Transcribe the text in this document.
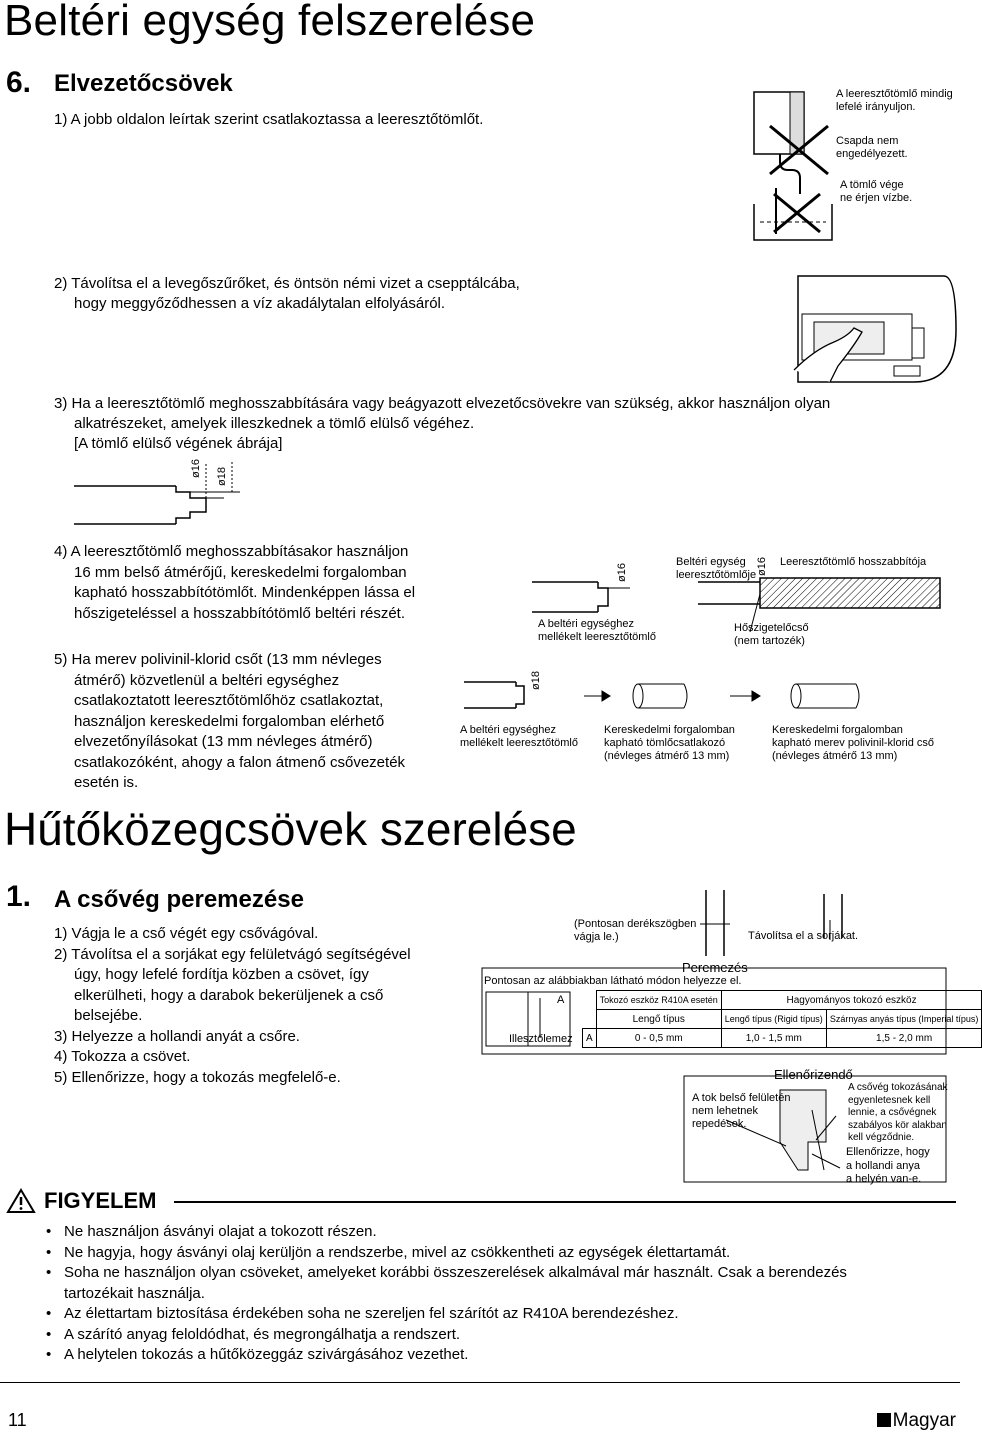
Beltéri egység felszerelése
6. Elvezetőcsövek
1) A jobb oldalon leírtak szerint csatlakoztassa a leeresztőtömlőt.
2) Távolítsa el a levegőszűrőket, és öntsön némi vizet a csepptálcába,
hogy meggyőződhessen a víz akadálytalan elfolyásáról.
3) Ha a leeresztőtömlő meghosszabbítására vagy beágyazott elvezetőcsövekre van szükség, akkor használjon olyan
alkatrészeket, amelyek illeszkednek a tömlő elülső végéhez.
[A tömlő elülső végének ábrája]
A leeresztőtömlő mindig
lefelé irányuljon.
Csapda nem
engedélyezett.
A tömlő vége
ne érjen vízbe.
ø16 ø18
4) A leeresztőtömlő meghosszabbításakor használjon
16 mm belső átmérőjű, kereskedelmi forgalomban
kapható hosszabbítótömlőt. Mindenképpen lássa el
hőszigeteléssel a hosszabbítótömlő beltéri részét.
5) Ha merev polivinil-klorid csőt (13 mm névleges
átmérő) közvetlenül a beltéri egységhez
csatlakoztatott leeresztőtömlőhöz csatlakoztat,
használjon kereskedelmi forgalomban elérhető
elvezetőnyílásokat (13 mm névleges átmérő)
csatlakozóként, ahogy a falon átmenő csővezeték
esetén is.
ø16
A beltéri egységhez
mellékelt leeresztőtömlő
Beltéri egység
leeresztőtömlője ø16 Leeresztőtömlő hosszabbítója
Hőszigetelőcső
(nem tartozék)
ø18
A beltéri egységhez
mellékelt leeresztőtömlő
Kereskedelmi forgalomban
kapható tömlőcsatlakozó
(névleges átmérő 13 mm)
Kereskedelmi forgalomban
kapható merev polivinil-klorid cső
(névleges átmérő 13 mm)
Hűtőközegcsövek szerelése
1. A csővég peremezése
1) Vágja le a cső végét egy csővágóval.
2) Távolítsa el a sorjákat egy felületvágó segítségével
úgy, hogy lefelé fordítja közben a csövet, így
elkerülheti, hogy a darabok bekerüljenek a cső
belsejébe.
3) Helyezze a hollandi anyát a csőre.
4) Tokozza a csövet.
5) Ellenőrizze, hogy a tokozás megfelelő-e.
(Pontosan derékszögben
vágja le.)	Távolítsa el a sorjákat.
Peremezés
Pontosan az alábbiakban látható módon helyezze el.
A
Illesztőlemez
	Tokozó eszköz R410A esetén	Hagyományos tokozó eszköz	
	Lengő típus	Lengő típus (Rigid típus)	Szárnyas anyás típus (Imperial típus)
A	0 - 0,5 mm	1,0 - 1,5 mm	1,5 - 2,0 mm
Ellenőrizendő
A tok belső felületén
nem lehetnek
repedések.
A csővég tokozásának
egyenletesnek kell
lennie, a csővégnek
szabályos kör alakban
kell végződnie.
Ellenőrizze, hogy
a hollandi anya
a helyén van-e.
FIGYELEM
• Ne használjon ásványi olajat a tokozott részen.
• Ne hagyja, hogy ásványi olaj kerüljön a rendszerbe, mivel az csökkentheti az egységek élettartamát.
• Soha ne használjon olyan csöveket, amelyeket korábbi összeszerelések alkalmával már használt. Csak a berendezés
tartozékait használja.
• Az élettartam biztosítása érdekében soha ne szereljen fel szárítót az R410A berendezéshez.
• A szárító anyag feloldódhat, és megrongálhatja a rendszert.
• A helytelen tokozás a hűtőközeggáz szivárgásához vezethet.
11	Magyar
